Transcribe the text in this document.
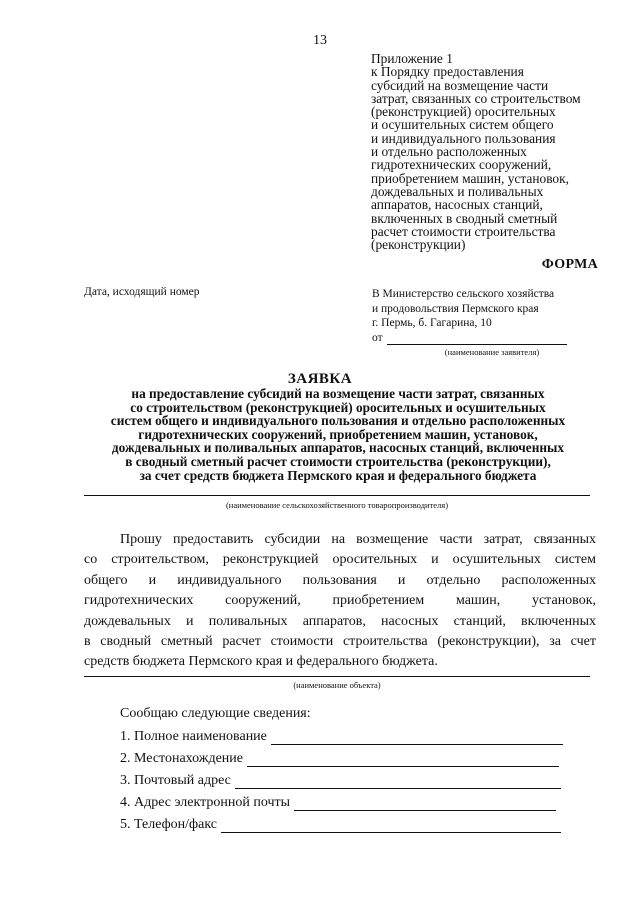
13
Приложение 1
к Порядку предоставления
субсидий на возмещение части
затрат, связанных со строительством
(реконструкцией) оросительных
и осушительных систем общего
и индивидуального пользования
и отдельно расположенных
гидротехнических сооружений,
приобретением машин, установок,
дождевальных и поливальных
аппаратов, насосных станций,
включенных в сводный сметный
расчет стоимости строительства
(реконструкции)
ФОРМА
Дата, исходящий номер	В Министерство сельского хозяйства
и продовольствия Пермского края
г. Пермь, б. Гагарина, 10
от
(наименование заявителя)
ЗАЯВКА
на предоставление субсидий на возмещение части затрат, связанных
со строительством (реконструкцией) оросительных и осушительных
систем общего и индивидуального пользования и отдельно расположенных
гидротехнических сооружений, приобретением машин, установок,
дождевальных и поливальных аппаратов, насосных станций, включенных
в сводный сметный расчет стоимости строительства (реконструкции),
за счет средств бюджета Пермского края и федерального бюджета
(наименование сельскохозяйственного товаропроизводителя)
Прошу предоставить субсидии на возмещение части затрат, связанных
со строительством, реконструкцией оросительных и осушительных систем
общего и индивидуального пользования и отдельно расположенных
гидротехнических сооружений, приобретением машин, установок,
дождевальных и поливальных аппаратов, насосных станций, включенных
в сводный сметный расчет стоимости строительства (реконструкции), за счет
средств бюджета Пермского края и федерального бюджета.
(наименование объекта)
Сообщаю следующие сведения:
1. Полное наименование
2. Местонахождение
3. Почтовый адрес
4. Адрес электронной почты
5. Телефон/факс
